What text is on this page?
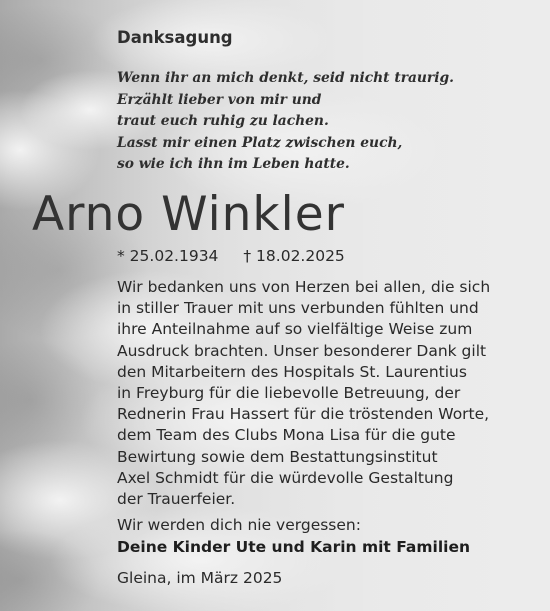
Danksagung

Wenn ihr an mich denkt, seid nicht traurig.
Erzählt lieber von mir und
traut euch ruhig zu lachen.
Lasst mir einen Platz zwischen euch,
so wie ich ihn im Leben hatte.

Arno Winkler
* 25.02.1934 † 18.02.2025

Wir bedanken uns von Herzen bei allen, die sich
in stiller Trauer mit uns verbunden fühlten und
ihre Anteilnahme auf so vielfältige Weise zum
Ausdruck brachten. Unser besonderer Dank gilt
den Mitarbeitern des Hospitals St. Laurentius
in Freyburg für die liebevolle Betreuung, der
Rednerin Frau Hassert für die tröstenden Worte,
dem Team des Clubs Mona Lisa für die gute
Bewirtung sowie dem Bestattungsinstitut
Axel Schmidt für die würdevolle Gestaltung
der Trauerfeier.

Wir werden dich nie vergessen:
Deine Kinder Ute und Karin mit Familien
Gleina, im März 2025
